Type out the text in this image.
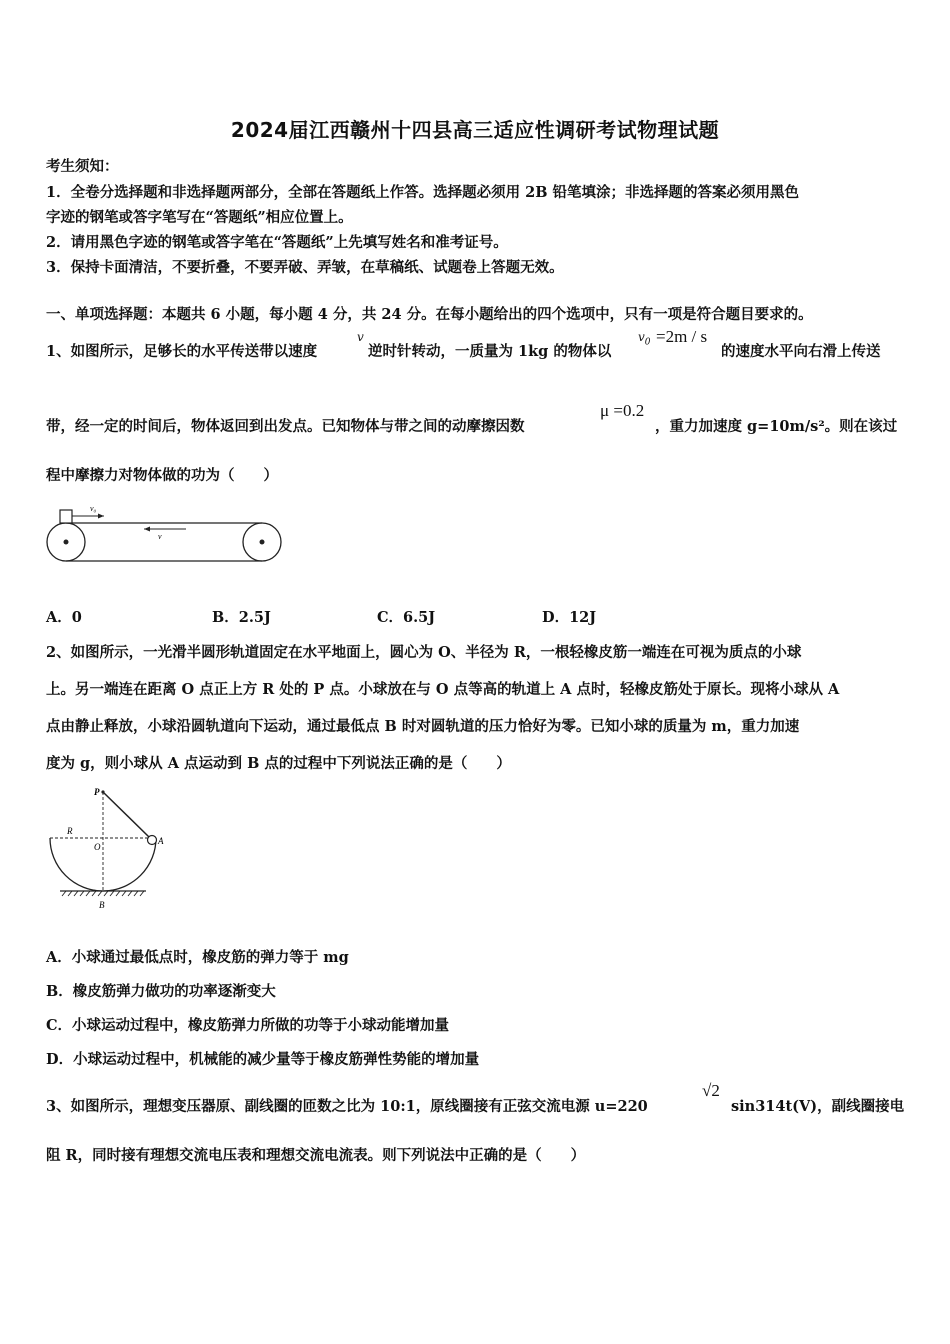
2024届江西赣州十四县高三适应性调研考试物理试题
考生须知：
1．全卷分选择题和非选择题两部分，全部在答题纸上作答。选择题必须用 2B 铅笔填涂；非选择题的答案必须用黑色
字迹的钢笔或答字笔写在“答题纸”相应位置上。
2．请用黑色字迹的钢笔或答字笔在“答题纸”上先填写姓名和准考证号。
3．保持卡面清洁，不要折叠，不要弄破、弄皱，在草稿纸、试题卷上答题无效。
一、单项选择题：本题共 6 小题，每小题 4 分，共 24 分。在每小题给出的四个选项中，只有一项是符合题目要求的。
1、如图所示，足够长的水平传送带以速度
v
逆时针转动，一质量为 1kg 的物体以
$v_0 =2m / s$
的速度水平向右滑上传送
带，经一定的时间后，物体返回到出发点。已知物体与带之间的动摩擦因数
μ =0.2
，重力加速度 g=10m/s²。则在该过
程中摩擦力对物体做的功为（　　）
v₀
v
A．0	B．2.5J	C．6.5J	D．12J
2、如图所示，一光滑半圆形轨道固定在水平地面上，圆心为 O、半径为 R，一根轻橡皮筋一端连在可视为质点的小球
上。另一端连在距离 O 点正上方 R 处的 P 点。小球放在与 O 点等高的轨道上 A 点时，轻橡皮筋处于原长。现将小球从 A
点由静止释放，小球沿圆轨道向下运动，通过最低点 B 时对圆轨道的压力恰好为零。已知小球的质量为 m，重力加速
度为 g，则小球从 A 点运动到 B 点的过程中下列说法正确的是（　　）
P
R
O
A
B
A．小球通过最低点时，橡皮筋的弹力等于 mg
B．橡皮筋弹力做功的功率逐渐变大
C．小球运动过程中，橡皮筋弹力所做的功等于小球动能增加量
D．小球运动过程中，机械能的减少量等于橡皮筋弹性势能的增加量
3、如图所示，理想变压器原、副线圈的匝数之比为 10:1，原线圈接有正弦交流电源 u=220
√2
sin314t(V)，副线圈接电
阻 R，同时接有理想交流电压表和理想交流电流表。则下列说法中正确的是（　　）
